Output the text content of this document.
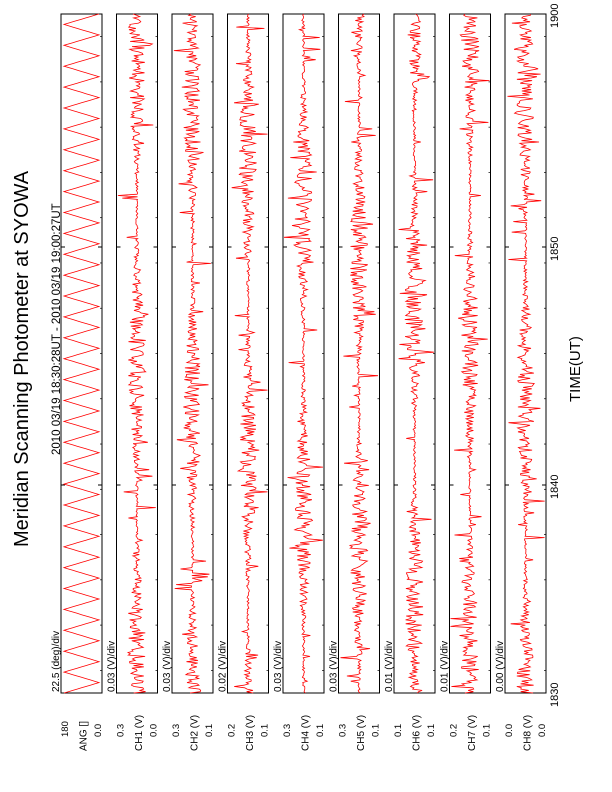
Meridian Scanning Photometer at SYOWA 2010 03/19 18:30:28UT - 2010 03/19 19:00:27UT	TIME(UT)
22.5 (deg)/div
ANG []
180 0.0
0.03 (V)/div
CH1 (V)
0.3 0.0
0.03 (V)/div
CH2 (V)
0.3 0.1
0.02 (V)/div
CH3 (V)
0.2 0.1
0.03 (V)/div
CH4 (V)
0.3 0.1
0.03 (V)/div
CH5 (V)
0.3 0.1
0.01 (V)/div
CH6 (V)
0.1 0.1
0.01 (V)/div
CH7 (V)
0.2 0.1
0.00 (V)/div
CH8 (V)
0.0 0.0
1830
1840
1850
1900
